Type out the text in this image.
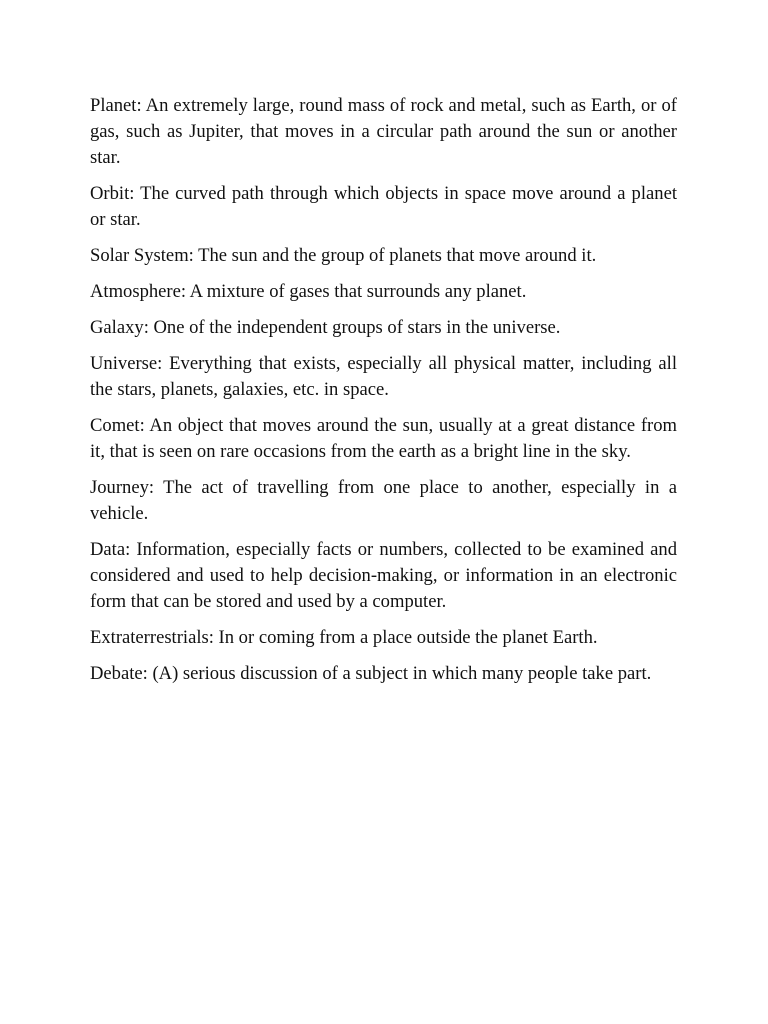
Planet: An extremely large, round mass of rock and metal, such as Earth, or of gas, such as Jupiter, that moves in a circular path around the sun or another star.

Orbit: The curved path through which objects in space move around a planet or star.

Solar System: The sun and the group of planets that move around it.

Atmosphere: A mixture of gases that surrounds any planet.

Galaxy: One of the independent groups of stars in the universe.

Universe: Everything that exists, especially all physical matter, including all the stars, planets, galaxies, etc. in space.

Comet: An object that moves around the sun, usually at a great distance from it, that is seen on rare occasions from the earth as a bright line in the sky.

Journey: The act of travelling from one place to another, especially in a vehicle.

Data: Information, especially facts or numbers, collected to be examined and considered and used to help decision-making, or information in an electronic form that can be stored and used by a computer.

Extraterrestrials: In or coming from a place outside the planet Earth.

Debate: (A) serious discussion of a subject in which many people take part.
